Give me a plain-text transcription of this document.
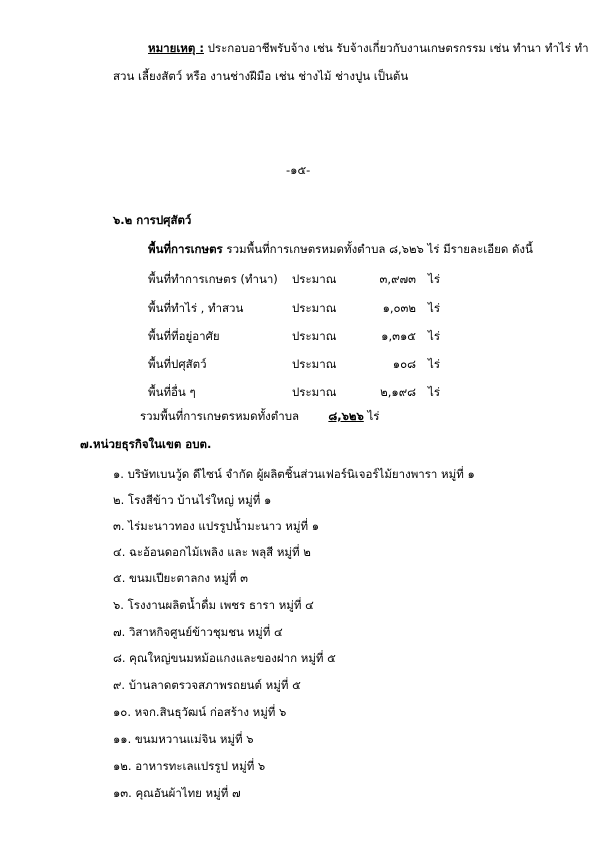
หมายเหตุ : ประกอบอาชีพรับจ้าง เช่น รับจ้างเกี่ยวกับงานเกษตรกรรม เช่น ทำนา ทำไร่ ทำ
สวน เลี้ยงสัตว์ หรือ งานช่างฝีมือ เช่น ช่างไม้ ช่างปูน เป็นต้น
-๑๕-
๖.๒ การปศุสัตว์
พื้นที่การเกษตร รวมพื้นที่การเกษตรหมดทั้งตำบล ๘,๖๒๖ ไร่ มีรายละเอียด ดังนี้
พื้นที่ทำการเกษตร (ทำนา) ประมาณ	๓,๙๗๓ ไร่
พื้นที่ทำไร่ , ทำสวน	ประมาณ	๑,๐๓๒ ไร่
พื้นที่ที่อยู่อาศัย	ประมาณ	๑,๓๑๕ ไร่
พื้นที่ปศุสัตว์	ประมาณ	๑๐๘ ไร่
พื้นที่อื่น ๆ	ประมาณ	๒,๑๙๘ ไร่
รวมพื้นที่การเกษตรหมดทั้งตำบล	๘,๖๒๖ ไร่
๗.หน่วยธุรกิจในเขต อบต.
๑. บริษัทเบนวู้ด ดีไซน์ จำกัด ผู้ผลิตชิ้นส่วนเฟอร์นิเจอร์ไม้ยางพารา หมู่ที่ ๑
๒. โรงสีข้าว บ้านไร่ใหญ่ หมู่ที่ ๑
๓. ไร่มะนาวทอง แปรรูปน้ำมะนาว หมู่ที่ ๑
๔. ฉะอ้อนดอกไม้เพลิง และ พลุสี หมู่ที่ ๒
๕. ขนมเปียะตาลกง หมู่ที่ ๓
๖. โรงงานผลิตน้ำดื่ม เพชร ธารา หมู่ที่ ๔
๗. วิสาหกิจศูนย์ข้าวชุมชน หมู่ที่ ๔
๘. คุณใหญ่ขนมหม้อแกงและของฝาก หมู่ที่ ๕
๙. บ้านลาดตรวจสภาพรถยนต์ หมู่ที่ ๕
๑๐. หจก.สินธุวัฒน์ ก่อสร้าง หมู่ที่ ๖
๑๑. ขนมหวานแม่จิน หมู่ที่ ๖
๑๒. อาหารทะเลแปรรูป หมู่ที่ ๖
๑๓. คุณอันผ้าไทย หมู่ที่ ๗
